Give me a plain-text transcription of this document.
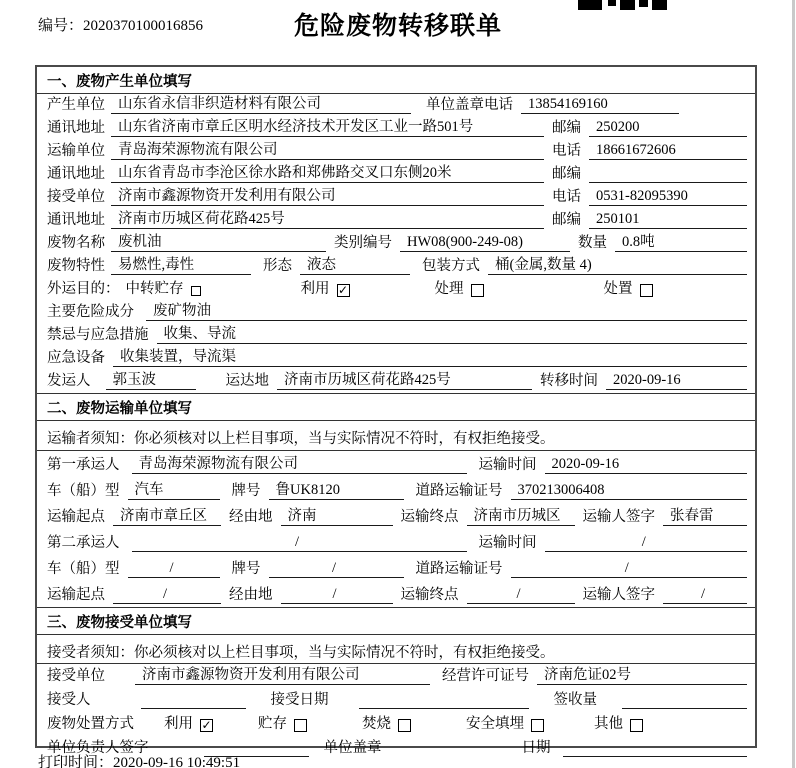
编号：2020370100016856	危险废物转移联单
一、废物产生单位填写
产生单位 山东省永信非织造材料有限公司	单位盖章 电话	13854169160
通讯地址 山东省济南市章丘区明水经济技术开发区工业一路501号	邮编	250200
运输单位 青岛海荣源物流有限公司	电话	18661672606
通讯地址 山东省青岛市李沧区徐水路和郑佛路交叉口东侧20米	邮编
接受单位 济南市鑫源物资开发利用有限公司	电话	0531-82095390
通讯地址 济南市历城区荷花路425号	邮编	250101
废物名称 废机油	类别编号	HW08(900-249-08)	数量	0.8吨
废物特性 易燃性,毒性	形态	液态	包装方式	桶(金属,数量 4)
外运目的： 中转贮存	利用 ✓	处理	处置
主要危险成分	废矿物油
禁忌与应急措施	收集、导流
应急设备	收集装置，导流渠
发运人	郭玉波	运达地	济南市历城区荷花路425号	转移时间	2020-09-16
二、废物运输单位填写
运输者须知：你必须核对以上栏目事项，当与实际情况不符时，有权拒绝接受。
第一承运人	青岛海荣源物流有限公司	运输时间	2020-09-16
车（船）型	汽车	牌号	鲁UK8120	道路运输证号	370213006408
运输起点	济南市章丘区	经由地	济南	运输终点	济南市历城区	运输人签字	张春雷
第二承运人	/	运输时间	/
车（船）型	/	牌号	/	道路运输证号	/
运输起点	/	经由地	/	运输终点	/	运输人签字	/
三、废物接受单位填写
接受者须知：你必须核对以上栏目事项，当与实际情况不符时，有权拒绝接受。
接受单位	济南市鑫源物资开发利用有限公司	经营许可证号	济南危证02号
接受人	接受日期	签收量
废物处置方式 利用 ✓	贮存	焚烧	安全填埋	其他
单位负责人签字	单位盖章	日期
打印时间：2020-09-16 10:49:51
